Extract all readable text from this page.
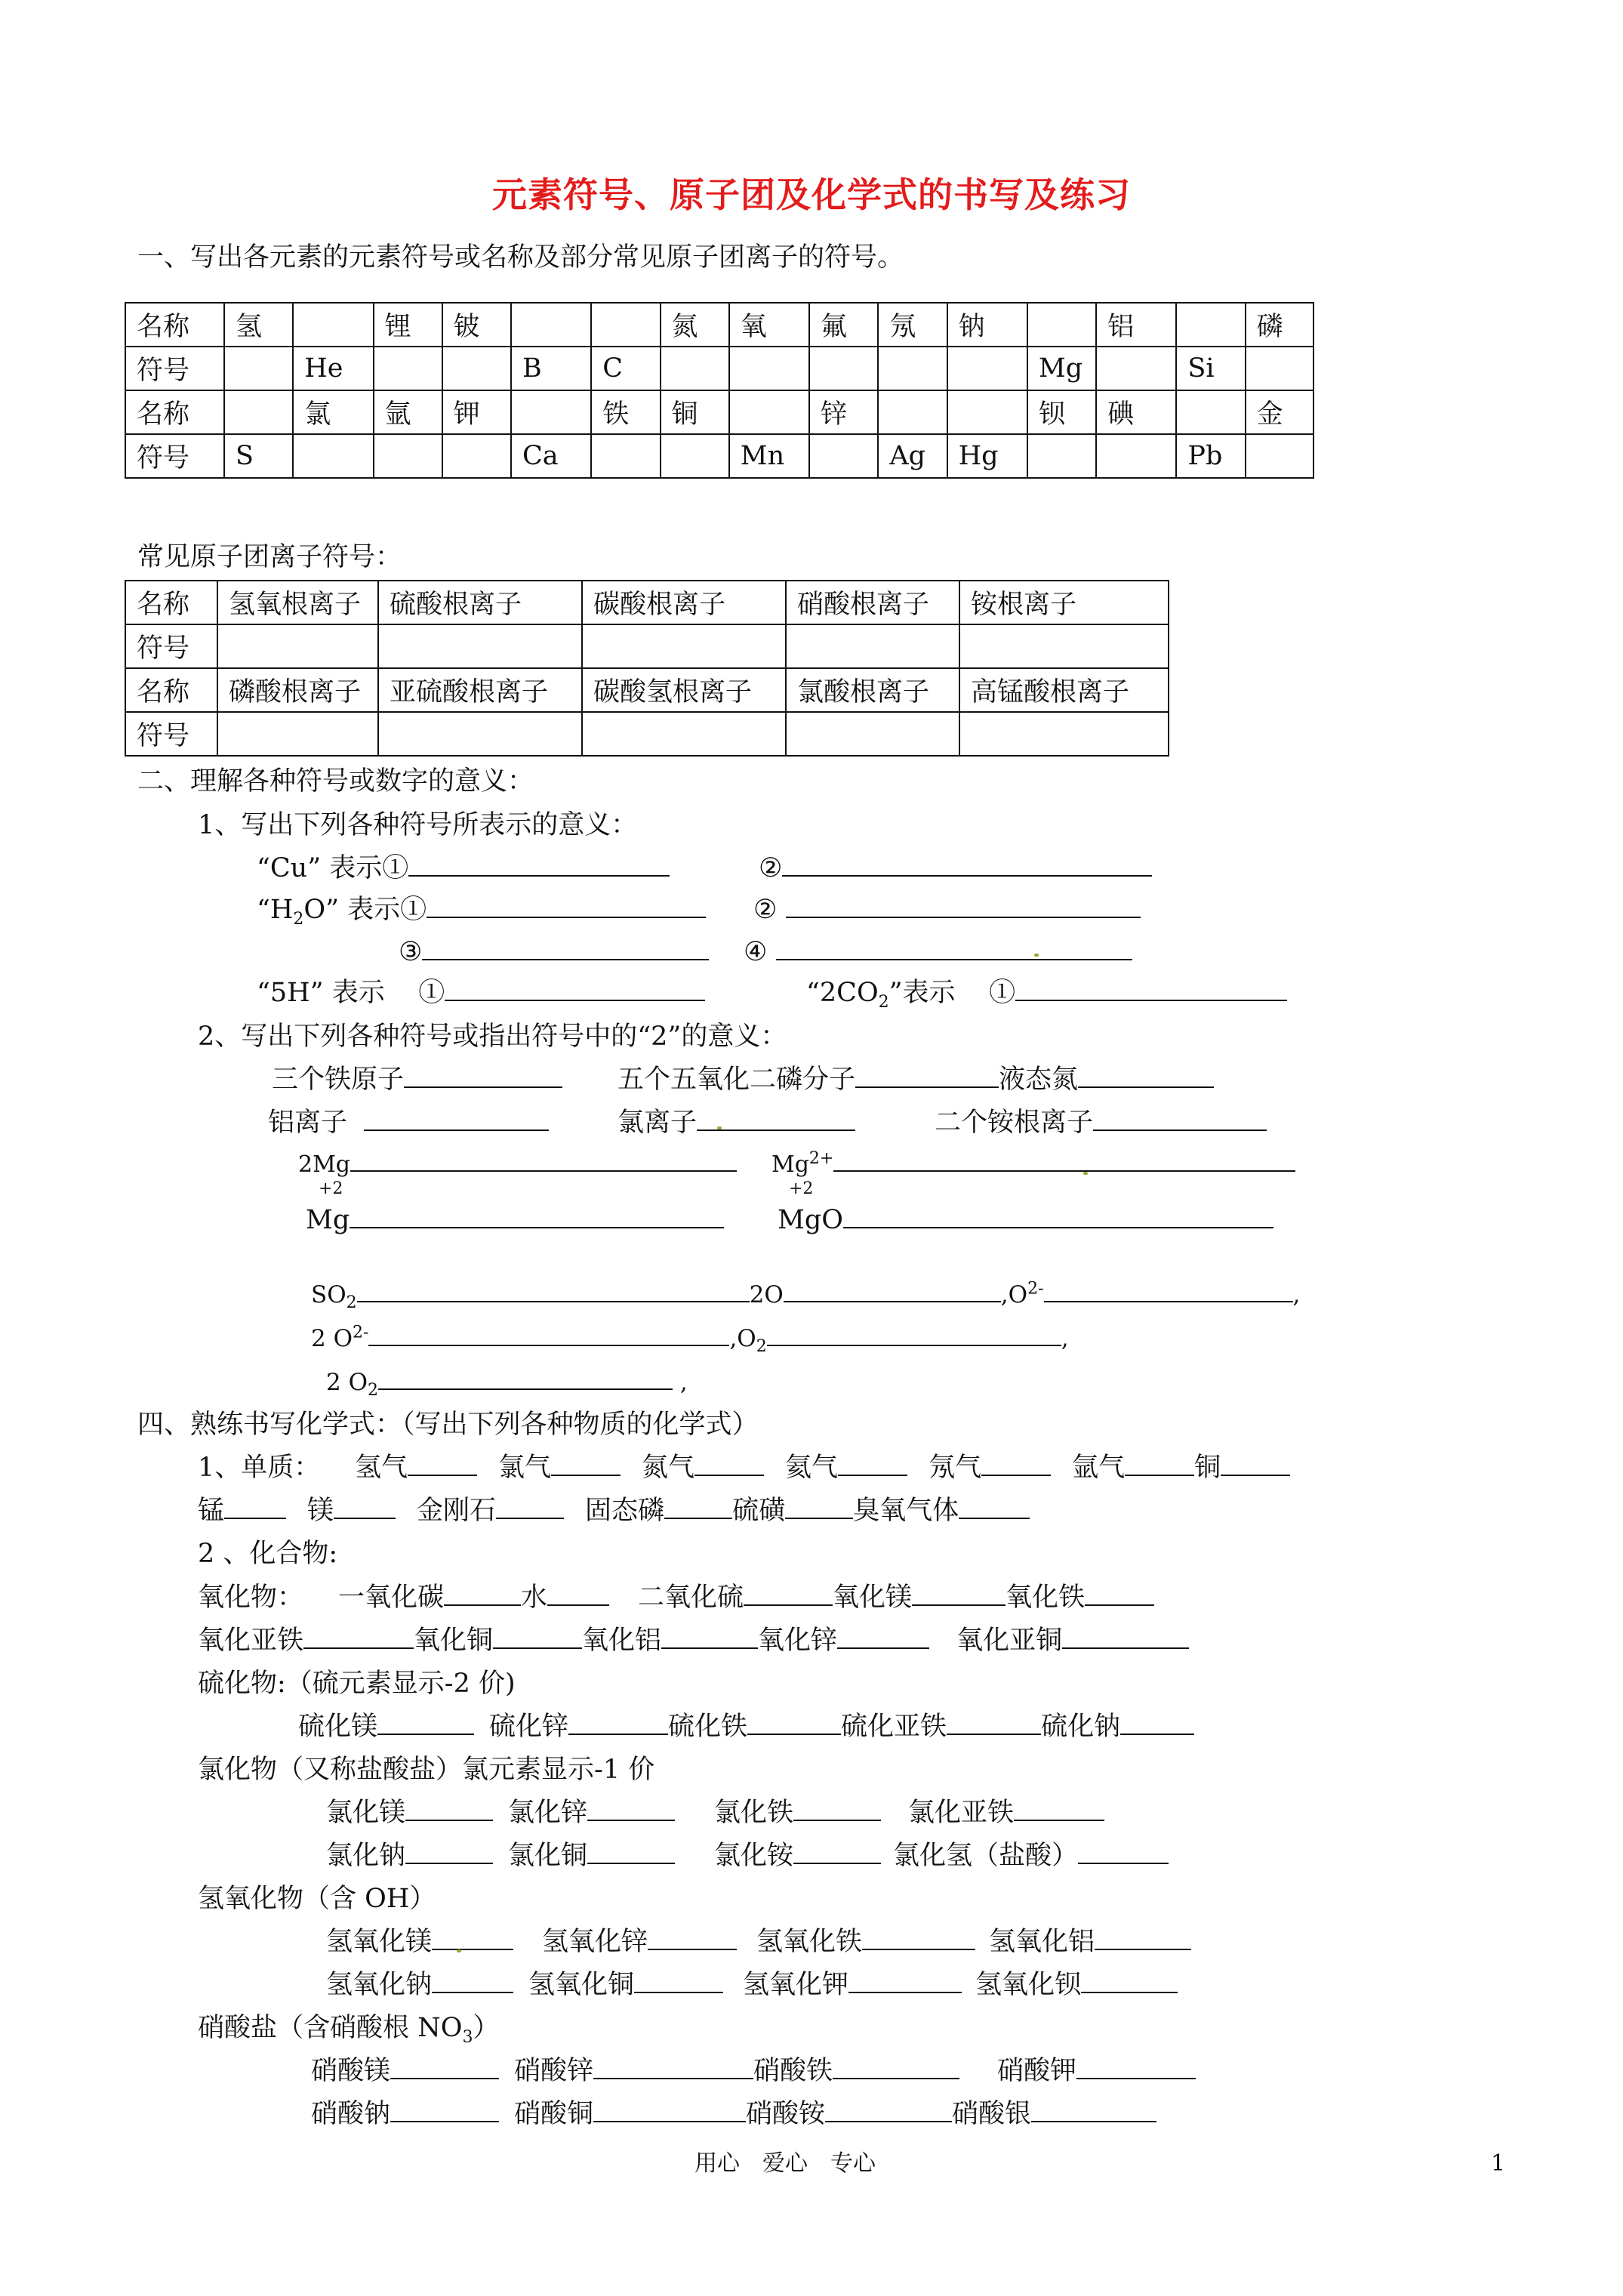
元素符号、原子团及化学式的书写及练习
一、写出各元素的元素符号或名称及部分常见原子团离子的符号。
名称	氢		锂	铍			氮	氧	氟	氖	钠		铝		磷
符号		He			B	C						Mg		Si	
名称		氯	氩	钾		铁	铜		锌			钡	碘		金
符号	S				Ca			Mn		Ag	Hg			Pb	
常见原子团离子符号：
名称	氢氧根离子	硫酸根离子	碳酸根离子	硝酸根离子	铵根离子
符号					
名称	磷酸根离子	亚硫酸根离子	碳酸氢根离子	氯酸根离子	高锰酸根离子
符号					
二、理解各种符号或数字的意义：
1、写出下列各种符号所表示的意义：
“Cu” 表示①	②
“$H_2O$” 表示①	②
③	④
“5H” 表示 ①	“$2CO_2$”表示 ①
2、写出下列各种符号或指出符号中的“2”的意义：
三个铁原子	五个五氧化二磷分子	液态氮
铝离子	氯离子	二个铵根离子
2Mg	$Mg^{2+}$
+2	+2
Mg	MgO
$SO_2$	2O	$,O^{2-}$	,
2 $O^{2-}$	$,O_2$	,
2 $O_2$	,
四、熟练书写化学式：（写出下列各种物质的化学式）
1、单质： 氢气	氯气	氮气	氦气	氖气	氩气	铜
锰	镁	金刚石	固态磷	硫磺	臭氧气体
2 、化合物:
氧化物： 一氧化碳	水	二氧化硫	氧化镁	氧化铁
氧化亚铁	氧化铜	氧化铝	氧化锌	氧化亚铜
硫化物:（硫元素显示-2 价)
硫化镁	硫化锌	硫化铁	硫化亚铁	硫化钠
氯化物（又称盐酸盐）氯元素显示-1 价
氯化镁	氯化锌	氯化铁	氯化亚铁
氯化钠	氯化铜	氯化铵	氯化氢（盐酸）
氢氧化物（含 OH）
氢氧化镁	氢氧化锌	氢氧化铁	氢氧化铝
氢氧化钠	氢氧化铜	氢氧化钾	氢氧化钡
硝酸盐（含硝酸根 $NO_3$）
硝酸镁	硝酸锌	硝酸铁	硝酸钾
硝酸钠	硝酸铜	硝酸铵	硝酸银
用心　爱心　专心	1
